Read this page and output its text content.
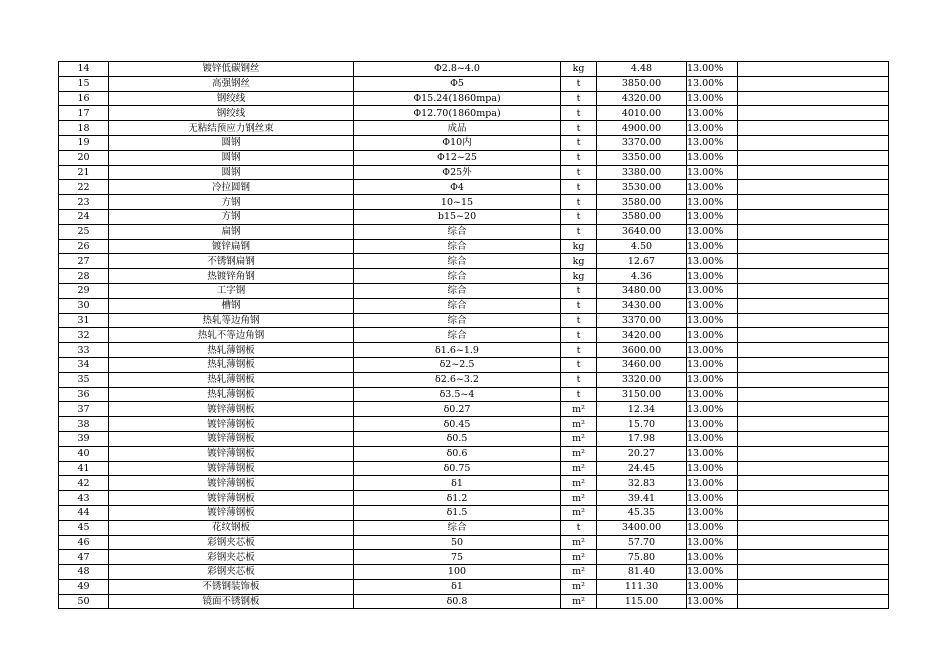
14	镀锌低碳钢丝	Φ2.8~4.0	kg	4.48	13.00%	
15	高强钢丝	Φ5	t	3850.00	13.00%	
16	钢绞线	Φ15.24(1860mpa)	t	4320.00	13.00%	
17	钢绞线	Φ12.70(1860mpa)	t	4010.00	13.00%	
18	无粘结预应力钢丝束	成品	t	4900.00	13.00%	
19	圆钢	Φ10内	t	3370.00	13.00%	
20	圆钢	Φ12~25	t	3350.00	13.00%	
21	圆钢	Φ25外	t	3380.00	13.00%	
22	冷拉圆钢	Φ4	t	3530.00	13.00%	
23	方钢	10~15	t	3580.00	13.00%	
24	方钢	b15~20	t	3580.00	13.00%	
25	扁钢	综合	t	3640.00	13.00%	
26	镀锌扁钢	综合	kg	4.50	13.00%	
27	不锈钢扁钢	综合	kg	12.67	13.00%	
28	热镀锌角钢	综合	kg	4.36	13.00%	
29	工字钢	综合	t	3480.00	13.00%	
30	槽钢	综合	t	3430.00	13.00%	
31	热轧等边角钢	综合	t	3370.00	13.00%	
32	热轧不等边角钢	综合	t	3420.00	13.00%	
33	热轧薄钢板	δ1.6~1.9	t	3600.00	13.00%	
34	热轧薄钢板	δ2~2.5	t	3460.00	13.00%	
35	热轧薄钢板	δ2.6~3.2	t	3320.00	13.00%	
36	热轧薄钢板	δ3.5~4	t	3150.00	13.00%	
37	镀锌薄钢板	δ0.27	m²	12.34	13.00%	
38	镀锌薄钢板	δ0.45	m²	15.70	13.00%	
39	镀锌薄钢板	δ0.5	m²	17.98	13.00%	
40	镀锌薄钢板	δ0.6	m²	20.27	13.00%	
41	镀锌薄钢板	δ0.75	m²	24.45	13.00%	
42	镀锌薄钢板	δ1	m²	32.83	13.00%	
43	镀锌薄钢板	δ1.2	m²	39.41	13.00%	
44	镀锌薄钢板	δ1.5	m²	45.35	13.00%	
45	花纹钢板	综合	t	3400.00	13.00%	
46	彩钢夹芯板	50	m²	57.70	13.00%	
47	彩钢夹芯板	75	m²	75.80	13.00%	
48	彩钢夹芯板	100	m²	81.40	13.00%	
49	不锈钢装饰板	δ1	m²	111.30	13.00%	
50	镜面不锈钢板	δ0.8	m²	115.00	13.00%	
